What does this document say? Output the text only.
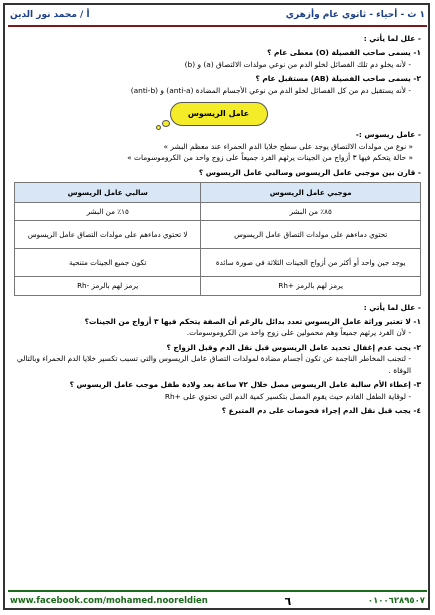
١ ث - أحياء - ثانوي عام وأزهري
أ / محمد نور الدين
- علل لما يأتي :
١- يسمى صاحب الفصيلة (O) معطى عام ؟
- لأنه يخلو دم تلك الفصائل لخلو الدم من نوعي مولدات الالتصاق (a) و (b)
٢- يسمى صاحب الفصيلة (AB) مستقبل عام ؟
- لأنه يستقبل دم من كل الفصائل لخلو الدم من نوعي الأجسام المضادة (anti-a) و (anti-b)
عامل الريسوس
- عامل ريسوس :-
« نوع من مولدات الالتصاق يوجد على سطح خلايا الدم الحمراء عند معظم البشر »
« حالة يتحكم فيها ٣ أزواج من الجينات يرثهم الفرد جميعاً على زوج واحد من الكروموسومات »
- قارن بين موجبي عامل الريسوس وسالبي عامل الريسوس ؟
موجبي عامل الريسوس	سالبي عامل الريسوس
٨٥٪ من البشر	١٥٪ من البشر
تحتوي دماءهم على مولدات التصاق عامل الريسوس	لا تحتوي دماءهم على مولدات التصاق عامل الريسوس
يوجد جين واحد أو أكثر من أزواج الجينات الثلاثة في صورة سائدة	تكون جميع الجينات متنحية
يرمز لهم بالرمز +Rh	يرمز لهم بالرمز -Rh
- علل لما يأتي :
١- لا تعتبر وراثة عامل الريسوس تعدد بدائل بالرغم أن الصفة يتحكم فيها ٣ أزواج من الجينات؟
- لأن الفرد يرثهم جميعاً وهم محمولين على زوج واحد من الكروموسومات.
٢- يجب عدم إغفال تحديد عامل الريسوس قبل نقل الدم وقبل الزواج ؟
- لتجنب المخاطر الناجمة عن تكون أجسام مضادة لمولدات التصاق عامل الريسوس والتي تسبب تكسير خلايا الدم الحمراء وبالتالي الوفاة .
٣- إعطاء الأم سالبة عامل الريسوس مصل خلال ٧٢ ساعة بعد ولادة طفل موجب عامل الريسوس ؟
- لوقاية الطفل القادم حيث يقوم المصل بتكسير كمية الدم التي تحتوي على +Rh
٤- يجب قبل نقل الدم إجراء فحوصات على دم المتبرع ؟
٠١٠٠٦٢٨٩٥٠٧
٦
www.facebook.com/mohamed.nooreldien
